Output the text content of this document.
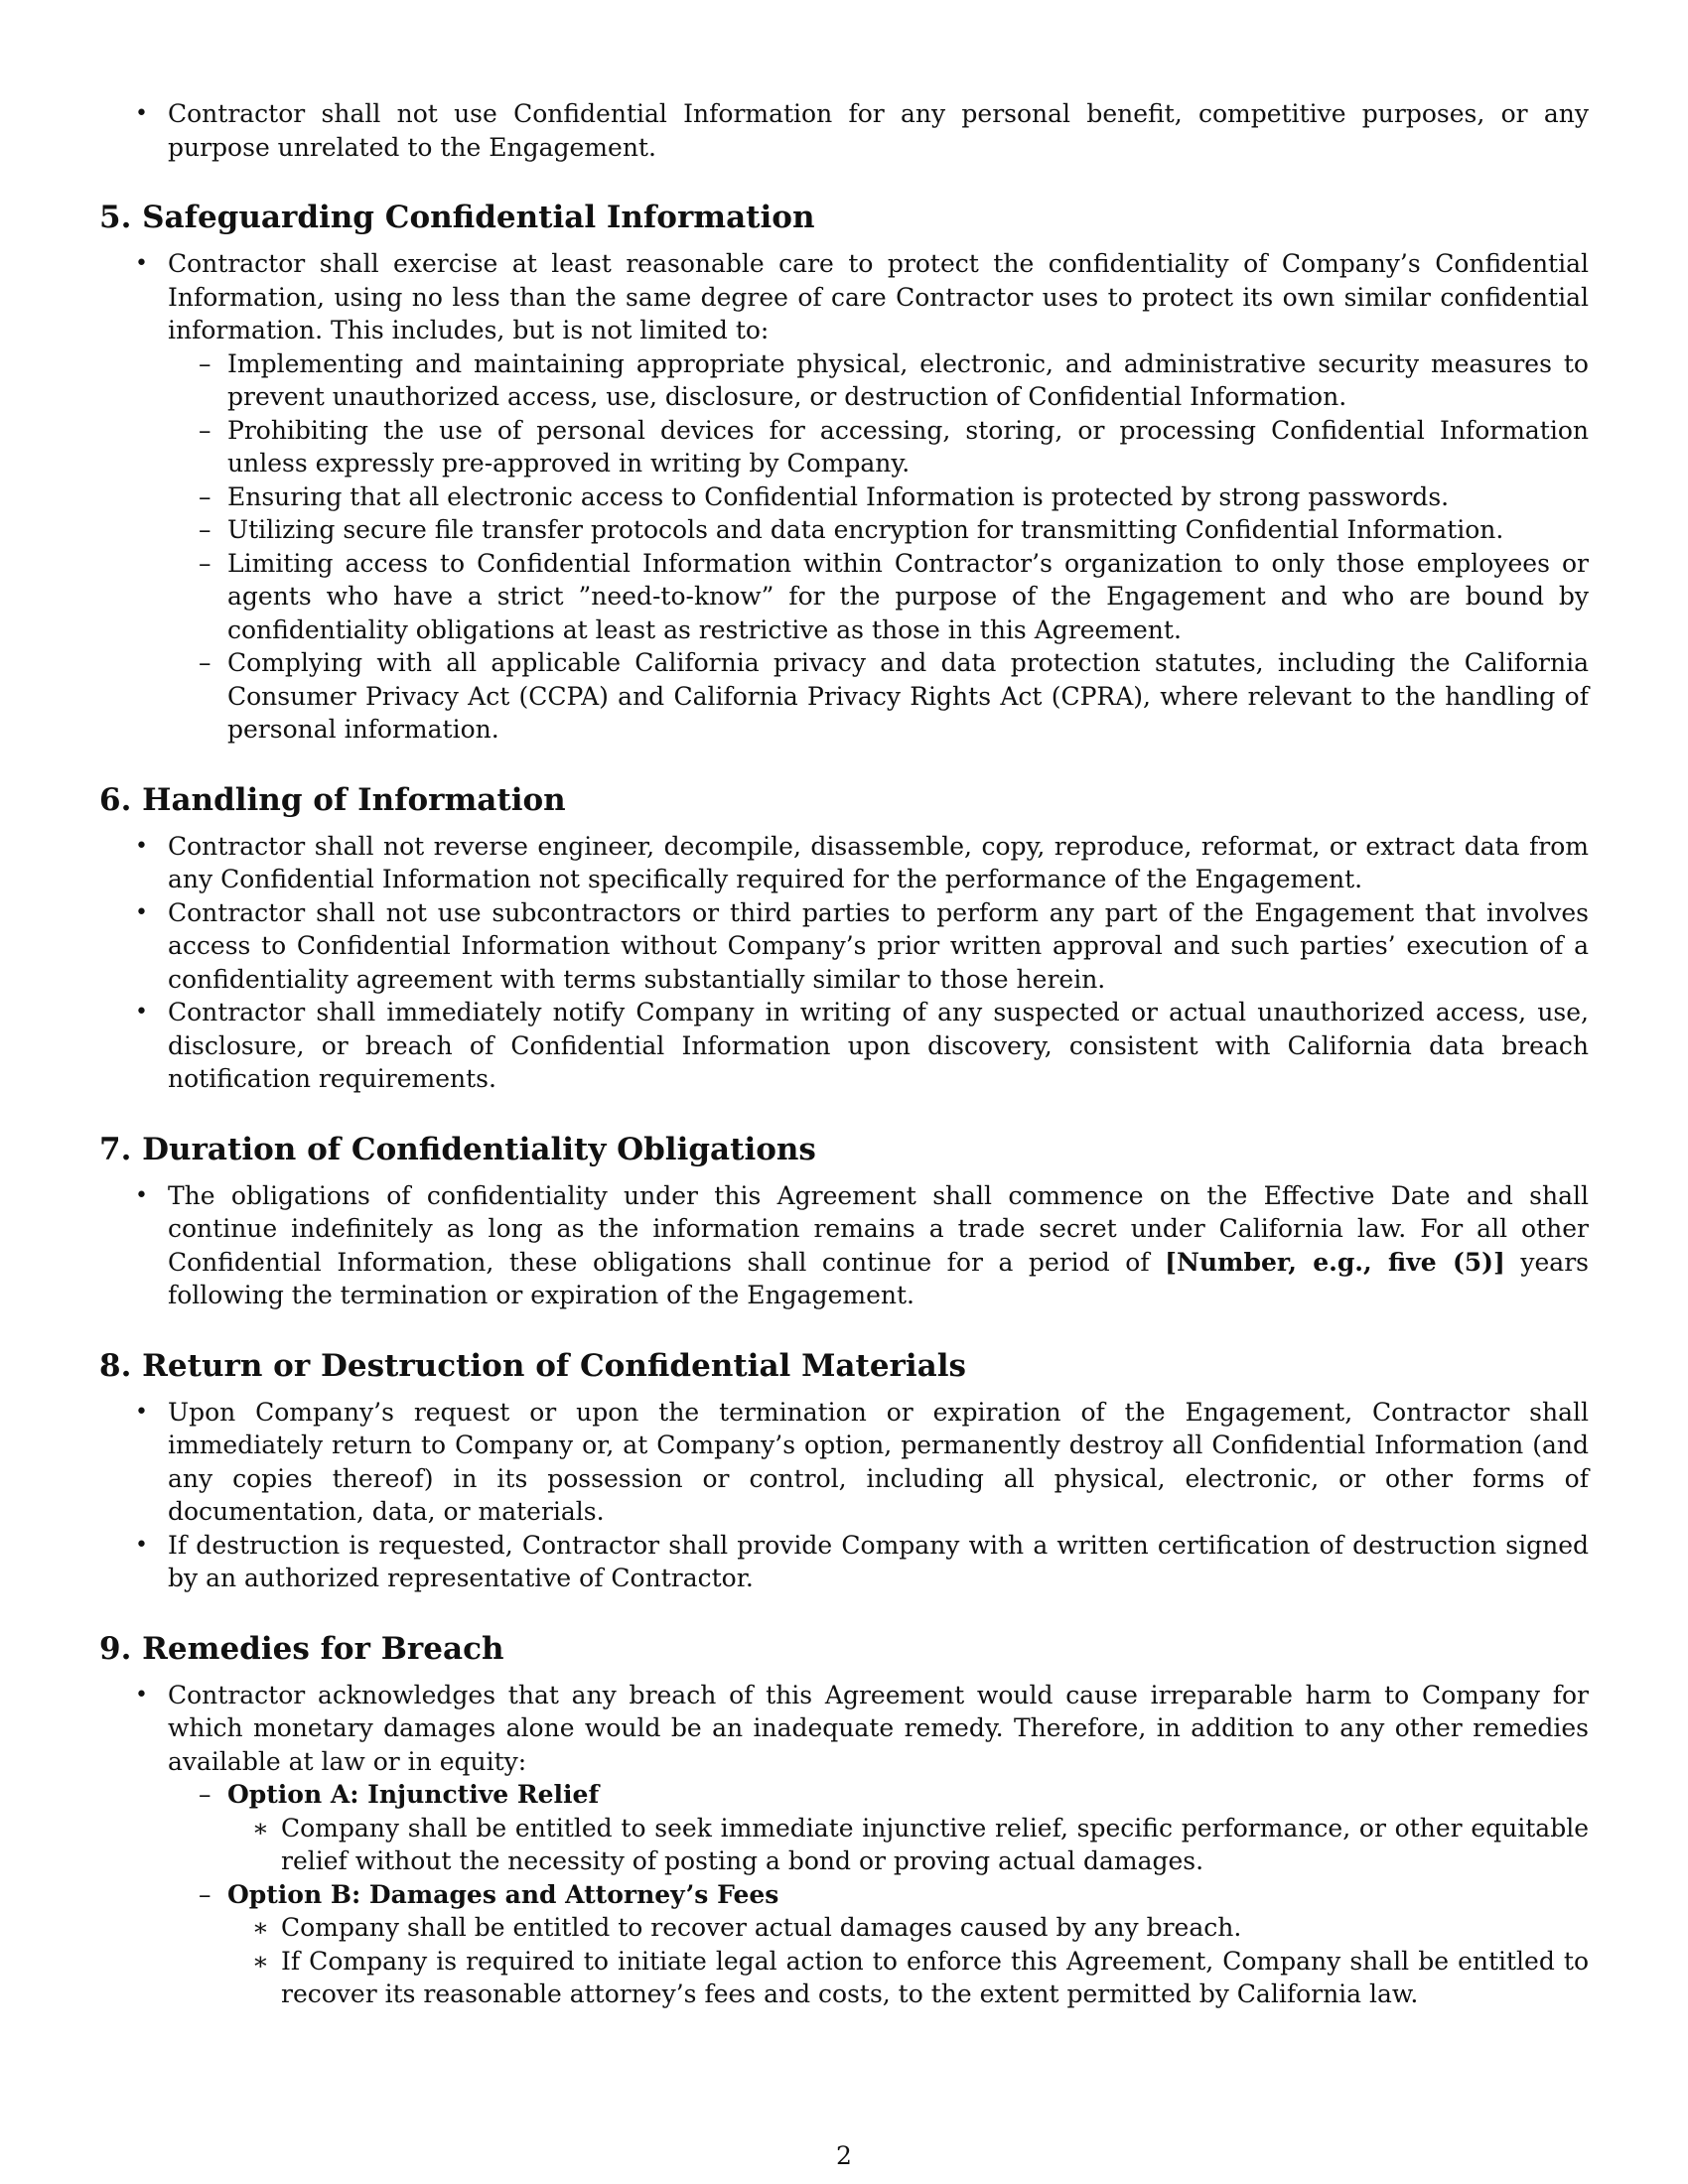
• Contractor shall not use Confidential Information for any personal benefit, competitive purposes, or any purpose unrelated to the Engagement.
5. Safeguarding Confidential Information
• Contractor shall exercise at least reasonable care to protect the confidentiality of Company’s Confidential Information, using no less than the same degree of care Contractor uses to protect its own similar confidential information. This includes, but is not limited to:
– Implementing and maintaining appropriate physical, electronic, and administrative security measures to prevent unauthorized access, use, disclosure, or destruction of Confidential Information.
– Prohibiting the use of personal devices for accessing, storing, or processing Confidential Information unless expressly pre-approved in writing by Company.
– Ensuring that all electronic access to Confidential Information is protected by strong passwords.
– Utilizing secure file transfer protocols and data encryption for transmitting Confidential Information.
– Limiting access to Confidential Information within Contractor’s organization to only those employees or agents who have a strict ”need-to-know” for the purpose of the Engagement and who are bound by confidentiality obligations at least as restrictive as those in this Agreement.
– Complying with all applicable California privacy and data protection statutes, including the California Consumer Privacy Act (CCPA) and California Privacy Rights Act (CPRA), where relevant to the handling of personal information.
6. Handling of Information
• Contractor shall not reverse engineer, decompile, disassemble, copy, reproduce, reformat, or extract data from any Confidential Information not specifically required for the performance of the Engagement.
• Contractor shall not use subcontractors or third parties to perform any part of the Engagement that involves access to Confidential Information without Company’s prior written approval and such parties’ execution of a confidentiality agreement with terms substantially similar to those herein.
• Contractor shall immediately notify Company in writing of any suspected or actual unauthorized access, use, disclosure, or breach of Confidential Information upon discovery, consistent with California data breach notification requirements.
7. Duration of Confidentiality Obligations
• The obligations of confidentiality under this Agreement shall commence on the Effective Date and shall continue indefinitely as long as the information remains a trade secret under California law. For all other Confidential Information, these obligations shall continue for a period of [Number, e.g., five (5)] years following the termination or expiration of the Engagement.
8. Return or Destruction of Confidential Materials
• Upon Company’s request or upon the termination or expiration of the Engagement, Contractor shall immediately return to Company or, at Company’s option, permanently destroy all Confidential Information (and any copies thereof) in its possession or control, including all physical, electronic, or other forms of documentation, data, or materials.
• If destruction is requested, Contractor shall provide Company with a written certification of destruction signed by an authorized representative of Contractor.
9. Remedies for Breach
• Contractor acknowledges that any breach of this Agreement would cause irreparable harm to Company for which monetary damages alone would be an inadequate remedy. Therefore, in addition to any other remedies available at law or in equity:
– Option A: Injunctive Relief
∗ Company shall be entitled to seek immediate injunctive relief, specific performance, or other equitable relief without the necessity of posting a bond or proving actual damages.
– Option B: Damages and Attorney’s Fees
∗ Company shall be entitled to recover actual damages caused by any breach.
∗ If Company is required to initiate legal action to enforce this Agreement, Company shall be entitled to recover its reasonable attorney’s fees and costs, to the extent permitted by California law.
2
